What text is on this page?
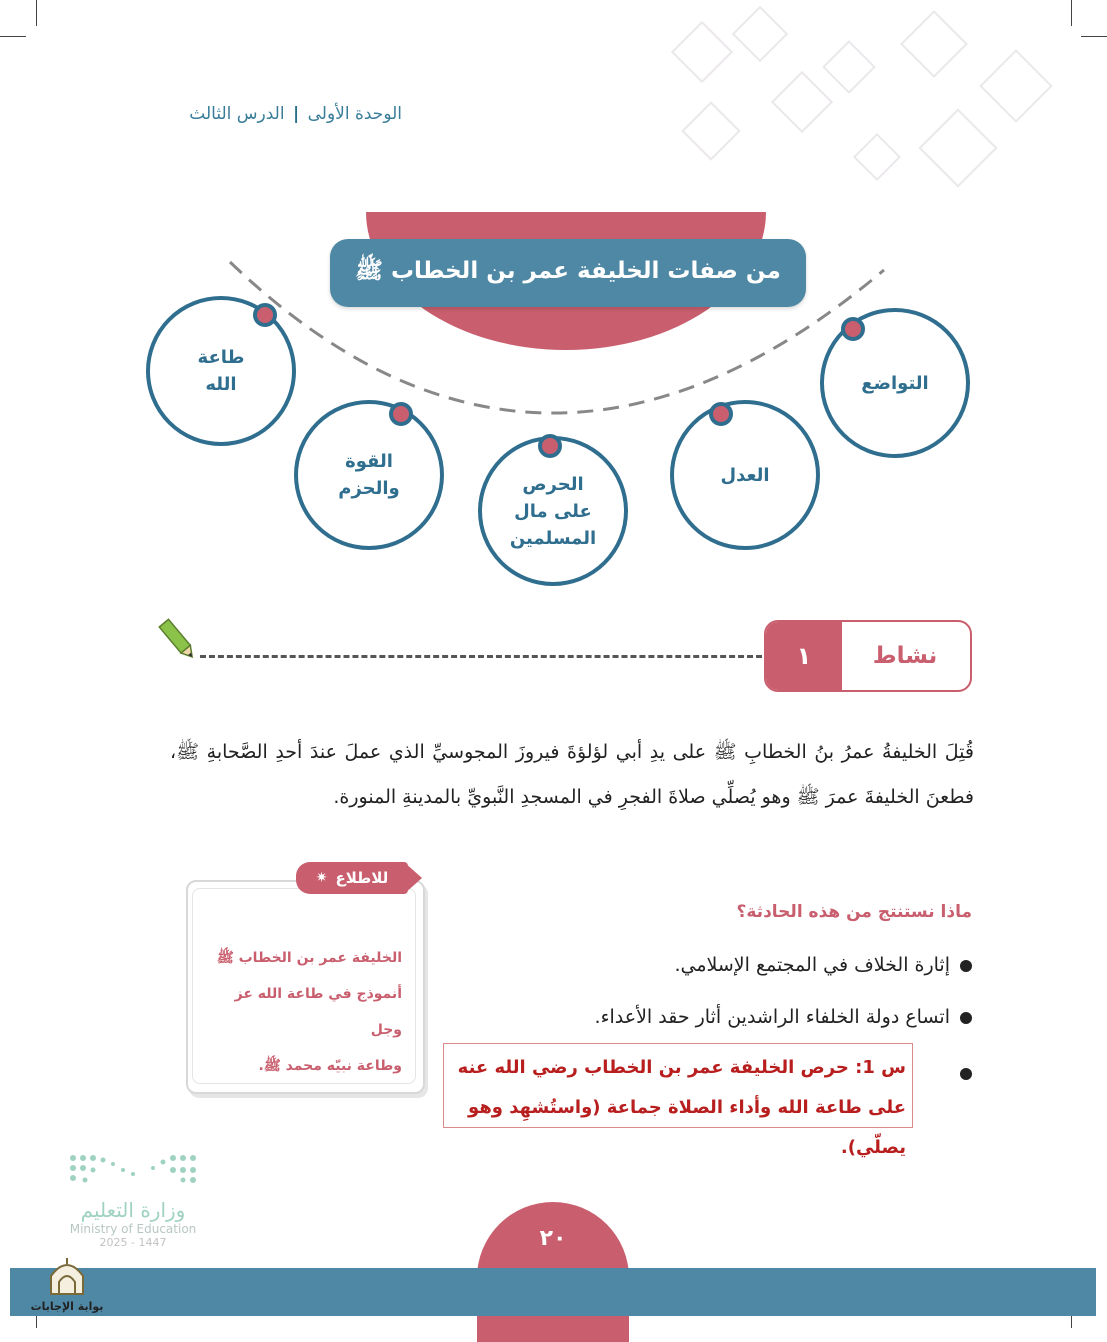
الوحدة الأولى | الدرس الثالث
من صفات الخليفة عمر بن الخطاب ﷺ
التواضع
العدل
الحرص على مال المسلمين
القوة والحزم
طاعة الله
١	نشاط
قُتِلَ الخليفةُ عمرُ بنُ الخطابِ ﷺ على يدِ أبي لؤلؤةَ فيروزَ المجوسيِّ الذي عملَ عندَ أحدِ الصَّحابةِ ﷺ، فطعنَ الخليفةَ عمرَ ﷺ وهو يُصلِّي صلاةَ الفجرِ في المسجدِ النَّبويِّ بالمدينةِ المنورة.
للاطلاع
✷
الخليفة عمر بن الخطاب ﷺ
أنموذج في طاعة الله عز وجل
وطاعة نبيّه محمد ﷺ.
ماذا نستنتج من هذه الحادثة؟
إثارة الخلاف في المجتمع الإسلامي.
اتساع دولة الخلفاء الراشدين أثار حقد الأعداء.
س 1: حرص الخليفة عمر بن الخطاب رضي الله عنه على طاعة الله وأداء الصلاة جماعة (واستُشهِد وهو يصلّي).
وزارة التعليم
Ministry of Education
2025 - 1447	٢٠
بوابة الإجابات
